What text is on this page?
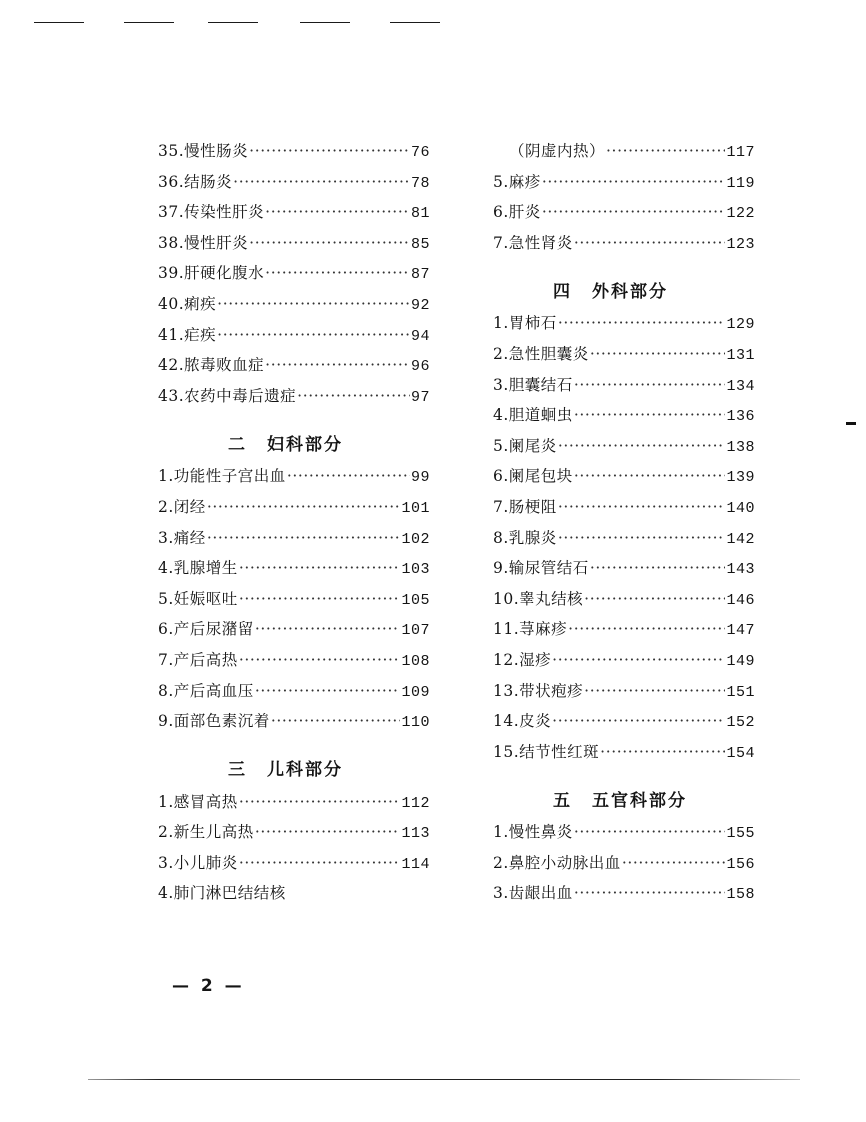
35. 慢性肠炎 ·····	76
36. 结肠炎 ·····	78
37. 传染性肝炎 ·····	81
38. 慢性肝炎 ·····	85
39. 肝硬化腹水 ·····	87
40. 痢疾 ·····	92
41. 疟疾 ·····	94
42. 脓毒败血症 ·····	96
43. 农药中毒后遗症 ·····	97
二 妇科部分
1. 功能性子宫出血 ·····	99
2. 闭经 ·····	101
3. 痛经 ·····	102
4. 乳腺增生 ·····	103
5. 妊娠呕吐 ·····	105
6. 产后尿潴留 ·····	107
7. 产后高热 ·····	108
8. 产后高血压 ·····	109
9. 面部色素沉着 ·····	110
三 儿科部分
1. 感冒高热 ·····	112
2. 新生儿高热 ·····	113
3. 小儿肺炎 ·····	114
4. 肺门淋巴结结核
（阴虚内热） ·····	117
5. 麻疹 ·····	119
6. 肝炎 ·····	122
7. 急性肾炎 ·····	123
四 外科部分
1. 胃柿石 ·····	129
2. 急性胆囊炎 ·····	131
3. 胆囊结石 ·····	134
4. 胆道蛔虫 ·····	136
5. 阑尾炎 ·····	138
6. 阑尾包块 ·····	139
7. 肠梗阻 ·····	140
8. 乳腺炎 ·····	142
9. 输尿管结石 ·····	143
10. 睾丸结核 ·····	146
11. 荨麻疹 ·····	147
12. 湿疹 ·····	149
13. 带状疱疹 ·····	151
14. 皮炎 ·····	152
15. 结节性红斑 ·····	154
五 五官科部分
1. 慢性鼻炎 ·····	155
2. 鼻腔小动脉出血 ·····	156
3. 齿龈出血 ·····	158
— 2 —
